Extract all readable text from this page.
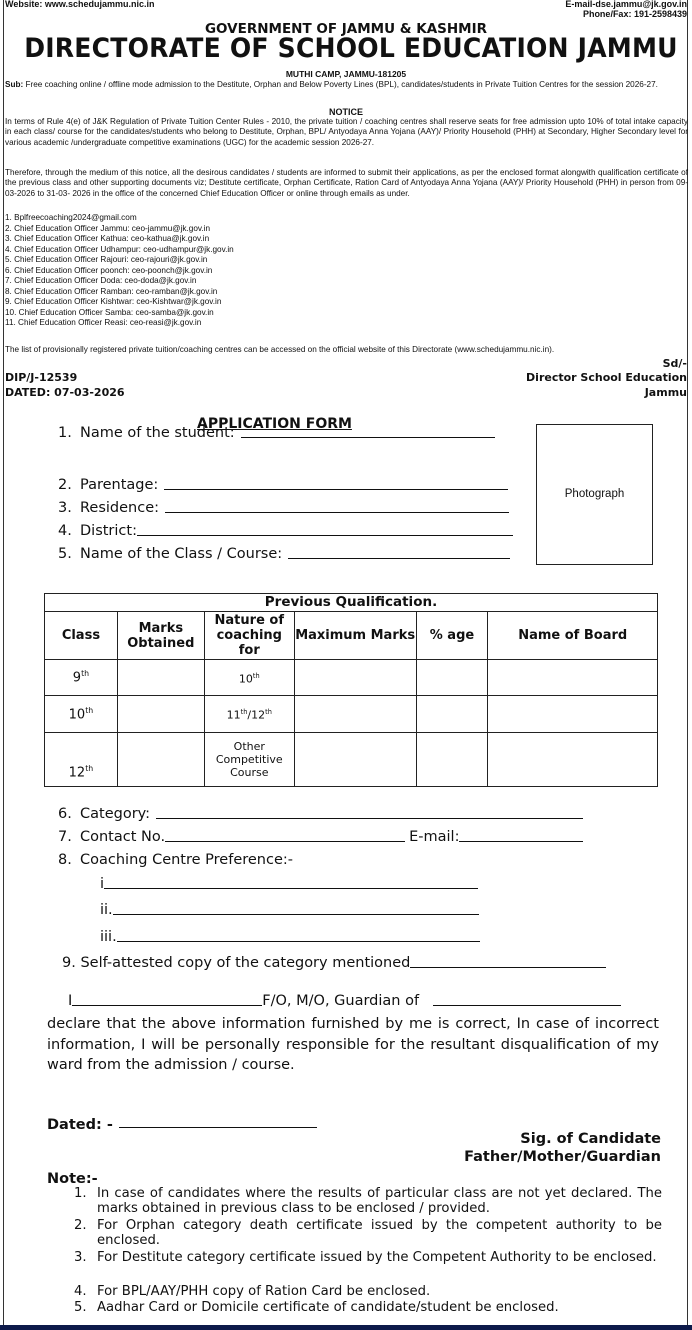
Website: www.schedujammu.nic.in	E-mail-dse.jammu@jk.gov.in
Phone/Fax: 191-2598439
GOVERNMENT OF JAMMU & KASHMIR
DIRECTORATE OF SCHOOL EDUCATION JAMMU
MUTHI CAMP, JAMMU-181205
Sub: Free coaching online / offline mode admission to the Destitute, Orphan and Below Poverty Lines (BPL), candidates/students in Private Tuition Centres for the session 2026-27.
NOTICE
In terms of Rule 4(e) of J&K Regulation of Private Tuition Center Rules - 2010, the private tuition / coaching centres shall reserve seats for free admission upto 10% of total intake capacity in each class/ course for the candidates/students who belong to Destitute, Orphan, BPL/ Antyodaya Anna Yojana (AAY)/ Priority Household (PHH) at Secondary, Higher Secondary level for various academic /undergraduate competitive examinations (UGC) for the academic session 2026-27.
Therefore, through the medium of this notice, all the desirous candidates / students are informed to submit their applications, as per the enclosed format alongwith qualification certificate of the previous class and other supporting documents viz; Destitute certificate, Orphan Certificate, Ration Card of Antyodaya Anna Yojana (AAY)/ Priority Household (PHH) in person from 09-03-2026 to 31-03- 2026 in the office of the concerned Chief Education Officer or online through emails as under.
1. Bplfreecoaching2024@gmail.com
2. Chief Education Officer Jammu: ceo-jammu@jk.gov.in
3. Chief Education Officer Kathua: ceo-kathua@jk.gov.in
4. Chief Education Officer Udhampur: ceo-udhampur@jk.gov.in
5. Chief Education Officer Rajouri: ceo-rajouri@jk.gov.in
6. Chief Education Officer poonch: ceo-poonch@jk.gov.in
7. Chief Education Officer Doda: ceo-doda@jk.gov.in
8. Chief Education Officer Ramban: ceo-ramban@jk.gov.in
9. Chief Education Officer Kishtwar: ceo-Kishtwar@jk.gov.in
10. Chief Education Officer Samba: ceo-samba@jk.gov.in
11. Chief Education Officer Reasi: ceo-reasi@jk.gov.in
The list of provisionally registered private tuition/coaching centres can be accessed on the official website of this Directorate (www.schedujammu.nic.in).
Sd/-
DIP/J-12539	Director School Education
DATED: 07-03-2026	Jammu
APPLICATION FORM
1. Name of the student:
2. Parentage:
3. Residence:
4. District:
5. Name of the Class / Course:
Photograph
Previous Qualification.					
Class	Marks Obtained	Nature of coaching for	Maximum Marks	% age	Name of Board
9th		10th			
10th		11th/12th			
12th		Other Competitive Course			
6. Category:
7. Contact No.	E-mail:
8. Coaching Centre Preference:-
i
ii.
iii.
9. Self-attested copy of the category mentioned
I	F/O, M/O, Guardian of
declare that the above information furnished by me is correct, In case of incorrect information, I will be personally responsible for the resultant disqualification of my ward from the admission / course.
Dated: -
Sig. of Candidate
Father/Mother/Guardian
Note:-
1. In case of candidates where the results of particular class are not yet declared. The marks obtained in previous class to be enclosed / provided.
2. For Orphan category death certificate issued by the competent authority to be enclosed.
3. For Destitute category certificate issued by the Competent Authority to be enclosed.
4. For BPL/AAY/PHH copy of Ration Card be enclosed.
5. Aadhar Card or Domicile certificate of candidate/student be enclosed.
